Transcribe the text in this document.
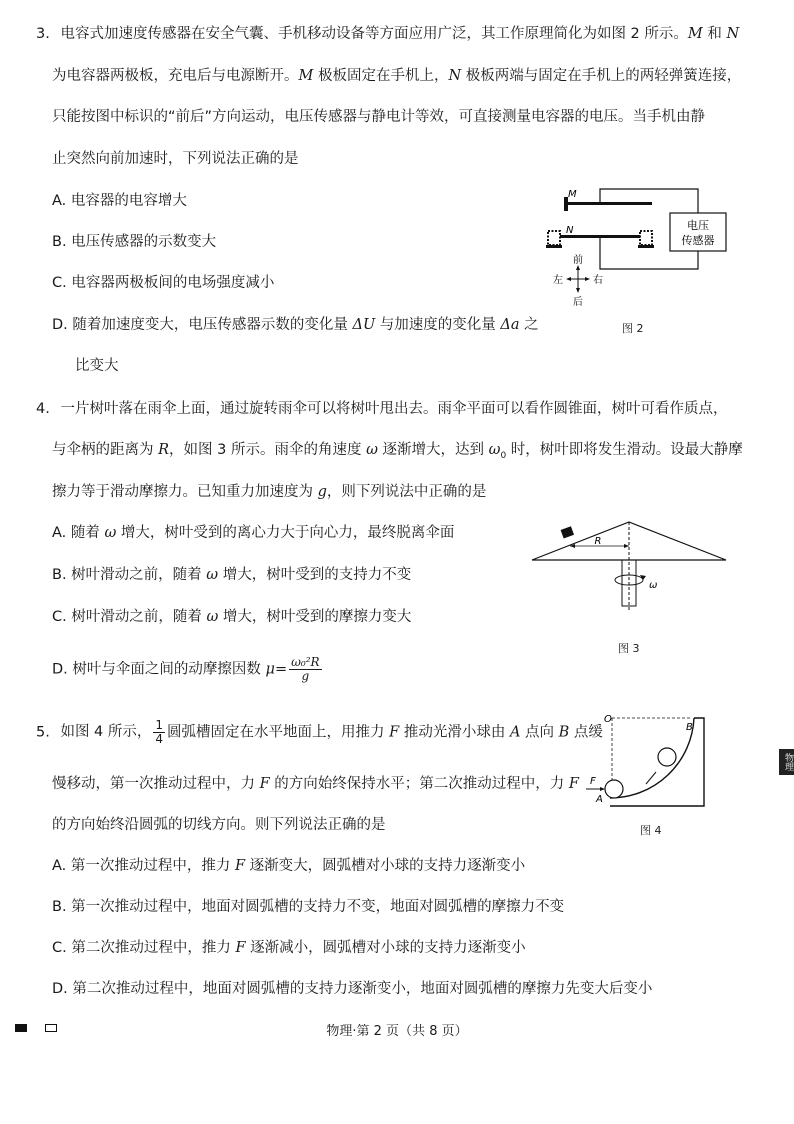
3. 电容式加速度传感器在安全气囊、手机移动设备等方面应用广泛，其工作原理简化为如图 2 所示。M 和 N
为电容器两极板，充电后与电源断开。M 极板固定在手机上，N 极板两端与固定在手机上的两轻弹簧连接，
只能按图中标识的“前后”方向运动，电压传感器与静电计等效，可直接测量电容器的电压。当手机由静
止突然向前加速时，下列说法正确的是
A. 电容器的电容增大
B. 电压传感器的示数变大
C. 电容器两极板间的电场强度减小
D. 随着加速度变大，电压传感器示数的变化量 ΔU 与加速度的变化量 Δa 之
比变大
M
N	电压
传感器
前
后
左	右
图 2
4. 一片树叶落在雨伞上面，通过旋转雨伞可以将树叶甩出去。雨伞平面可以看作圆锥面，树叶可看作质点，
与伞柄的距离为 R，如图 3 所示。雨伞的角速度 ω 逐渐增大，达到 $\omega_0$ 时，树叶即将发生滑动。设最大静摩
擦力等于滑动摩擦力。已知重力加速度为 g，则下列说法中正确的是
A. 随着 ω 增大，树叶受到的离心力大于向心力，最终脱离伞面
B. 树叶滑动之前，随着 ω 增大，树叶受到的支持力不变
C. 树叶滑动之前，随着 ω 增大，树叶受到的摩擦力变大
D. 树叶与伞面之间的动摩擦因数 $\mu= \frac{\text{ω₀²R}}{g}$
R
ω
图 3
5. 如图 4 所示， $\frac{1}{4}$ 圆弧槽固定在水平地面上，用推力 F 推动光滑小球由 A 点向 B 点缓
慢移动，第一次推动过程中，力 F 的方向始终保持水平；第二次推动过程中，力 F
的方向始终沿圆弧的切线方向。则下列说法正确的是
A. 第一次推动过程中，推力 F 逐渐变大，圆弧槽对小球的支持力逐渐变小
B. 第一次推动过程中，地面对圆弧槽的支持力不变，地面对圆弧槽的摩擦力不变
C. 第二次推动过程中，推力 F 逐渐减小，圆弧槽对小球的支持力逐渐变小
D. 第二次推动过程中，地面对圆弧槽的支持力逐渐变小，地面对圆弧槽的摩擦力先变大后变小
O
B
F
A
图 4
物理
物理·第 2 页（共 8 页）
